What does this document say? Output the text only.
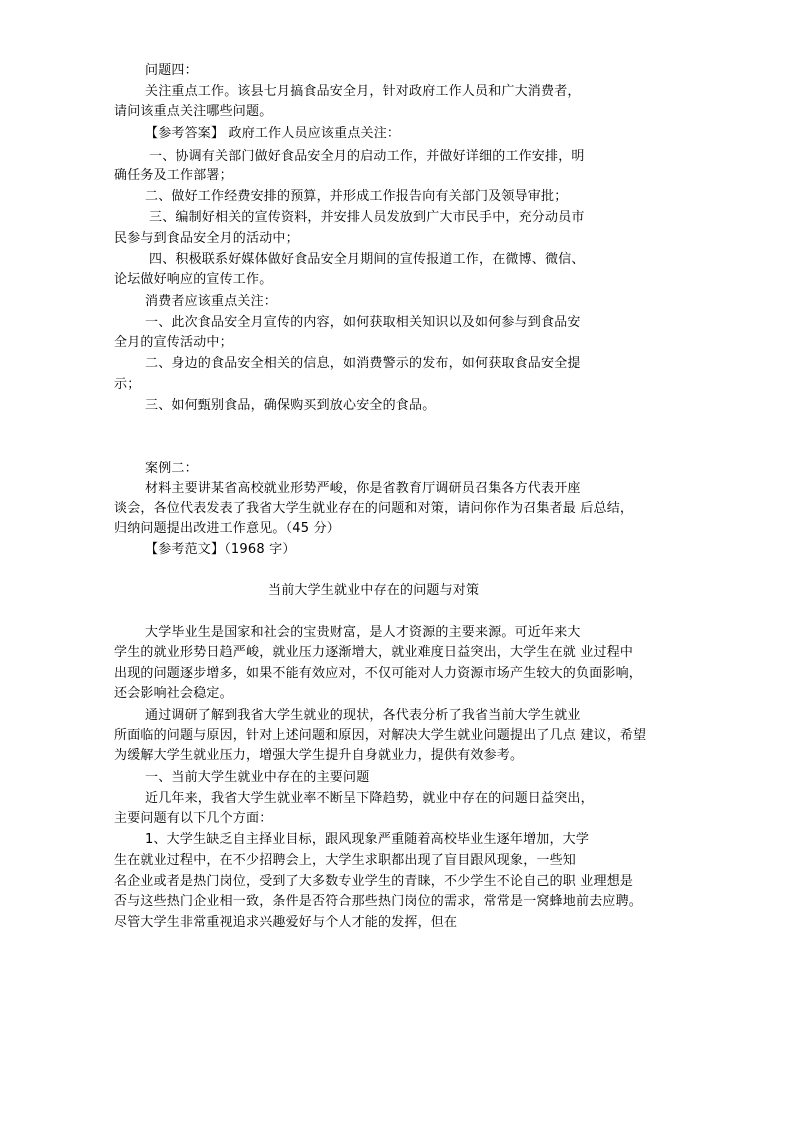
问题四：
关注重点工作。该县七月搞食品安全月，针对政府工作人员和广大消费者，
请问该重点关注哪些问题。
【参考答案】 政府工作人员应该重点关注：
一、协调有关部门做好食品安全月的启动工作，并做好详细的工作安排，明
确任务及工作部署；
二、做好工作经费安排的预算，并形成工作报告向有关部门及领导审批；
三、编制好相关的宣传资料，并安排人员发放到广大市民手中，充分动员市
民参与到食品安全月的活动中；
四、积极联系好媒体做好食品安全月期间的宣传报道工作，在微博、微信、
论坛做好响应的宣传工作。
消费者应该重点关注：
一、此次食品安全月宣传的内容，如何获取相关知识以及如何参与到食品安
全月的宣传活动中；
二、身边的食品安全相关的信息，如消费警示的发布，如何获取食品安全提
示；
三、如何甄别食品，确保购买到放心安全的食品。
案例二：
材料主要讲某省高校就业形势严峻，你是省教育厅调研员召集各方代表开座
谈会，各位代表发表了我省大学生就业存在的问题和对策，请问你作为召集者最 后总结，
归纳问题提出改进工作意见。（45 分）
【参考范文】（1968 字）
当前大学生就业中存在的问题与对策
大学毕业生是国家和社会的宝贵财富，是人才资源的主要来源。可近年来大
学生的就业形势日趋严峻，就业压力逐渐增大，就业难度日益突出，大学生在就 业过程中
出现的问题逐步增多，如果不能有效应对，不仅可能对人力资源市场产生较大的负面影响，
还会影响社会稳定。
通过调研了解到我省大学生就业的现状，各代表分析了我省当前大学生就业
所面临的问题与原因，针对上述问题和原因，对解决大学生就业问题提出了几点 建议，希望
为缓解大学生就业压力，增强大学生提升自身就业力，提供有效参考。
一、当前大学生就业中存在的主要问题
近几年来，我省大学生就业率不断呈下降趋势，就业中存在的问题日益突出，
主要问题有以下几个方面：
1、大学生缺乏自主择业目标，跟风现象严重随着高校毕业生逐年增加，大学
生在就业过程中，在不少招聘会上，大学生求职都出现了盲目跟风现象，一些知
名企业或者是热门岗位，受到了大多数专业学生的青睐，不少学生不论自己的职 业理想是
否与这些热门企业相一致，条件是否符合那些热门岗位的需求，常常是一窝蜂地前去应聘。
尽管大学生非常重视追求兴趣爱好与个人才能的发挥，但在
